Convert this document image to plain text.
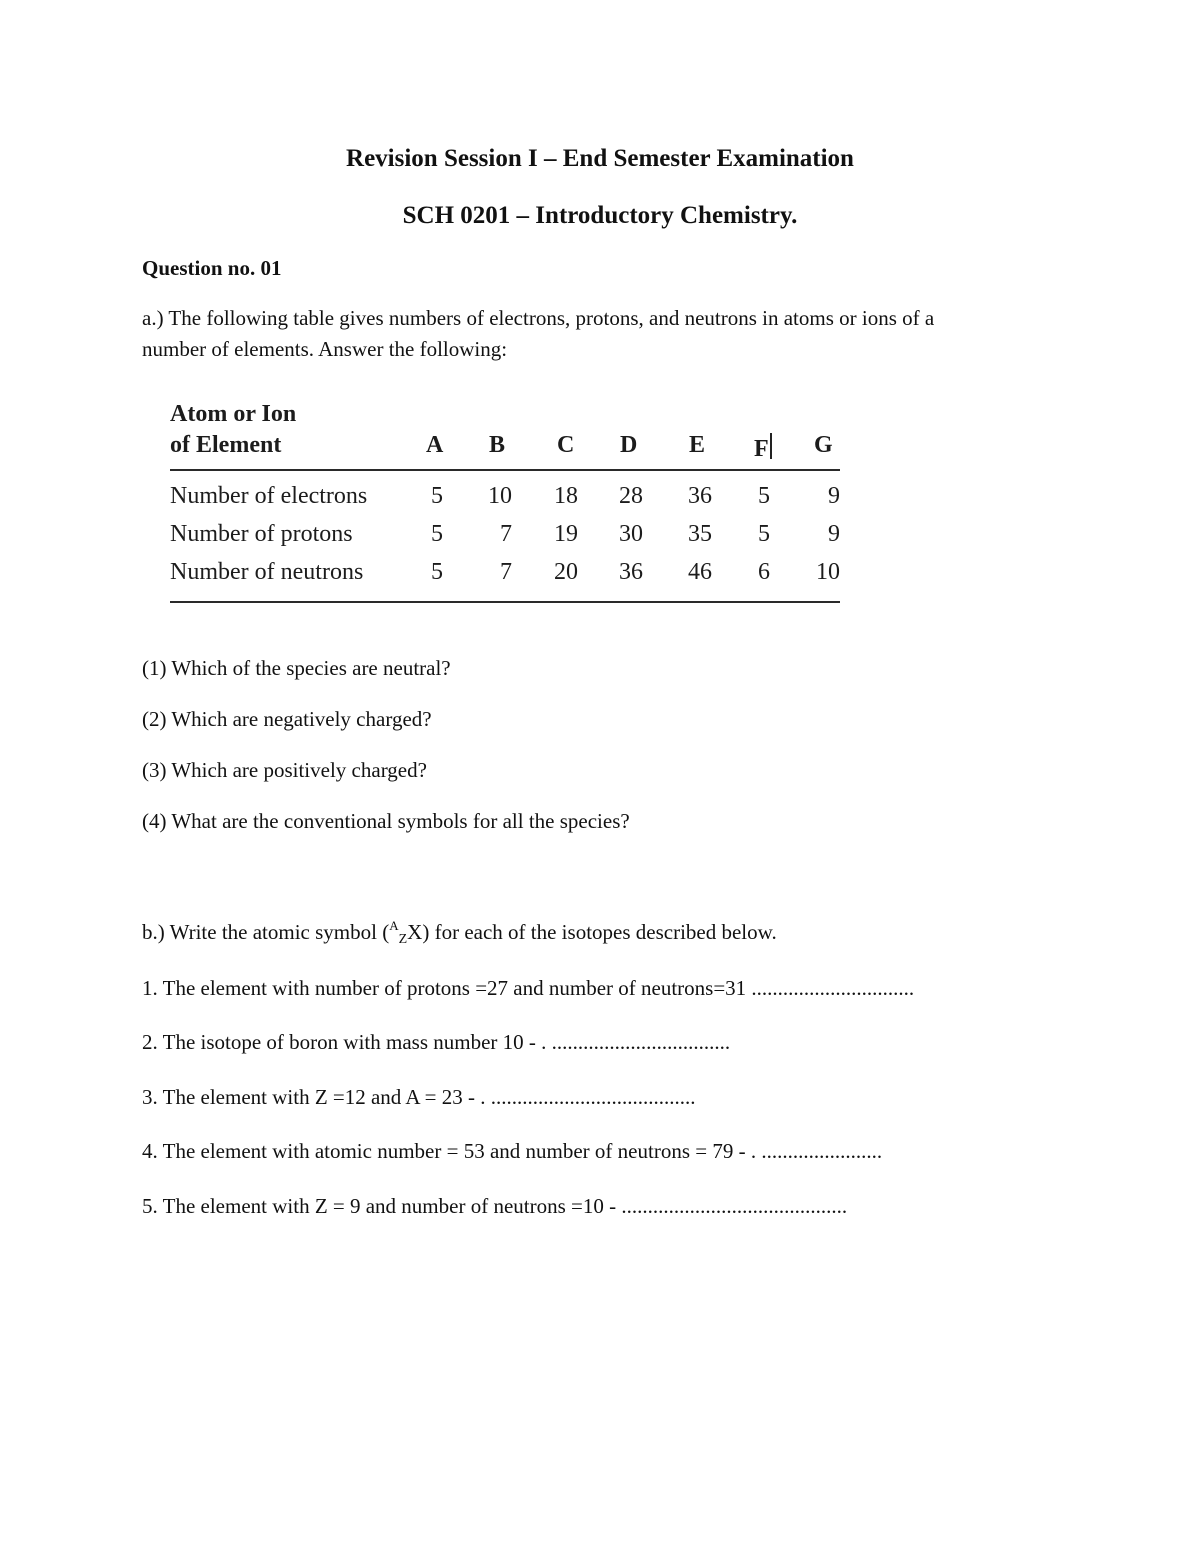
Revision Session I – End Semester Examination
SCH 0201 – Introductory Chemistry.
Question no. 01
a.) The following table gives numbers of electrons, protons, and neutrons in atoms or ions of a
number of elements. Answer the following:
Atom or Ion
of Element	A B C D E F G
Number of electrons	5	10	18	28	36	5	9
Number of protons	5	7	19	30	35	5	9
Number of neutrons	5	7	20	36	46	6	10
(1) Which of the species are neutral?
(2) Which are negatively charged?
(3) Which are positively charged?
(4) What are the conventional symbols for all the species?
b.) Write the atomic symbol ($^A$ZX) for each of the isotopes described below.
1. The element with number of protons =27 and number of neutrons=31 ...............................
2. The isotope of boron with mass number 10 - . ..................................
3. The element with Z =12 and A = 23 - . .......................................
4. The element with atomic number = 53 and number of neutrons = 79 - . .......................
5. The element with Z = 9 and number of neutrons =10 - ...........................................
